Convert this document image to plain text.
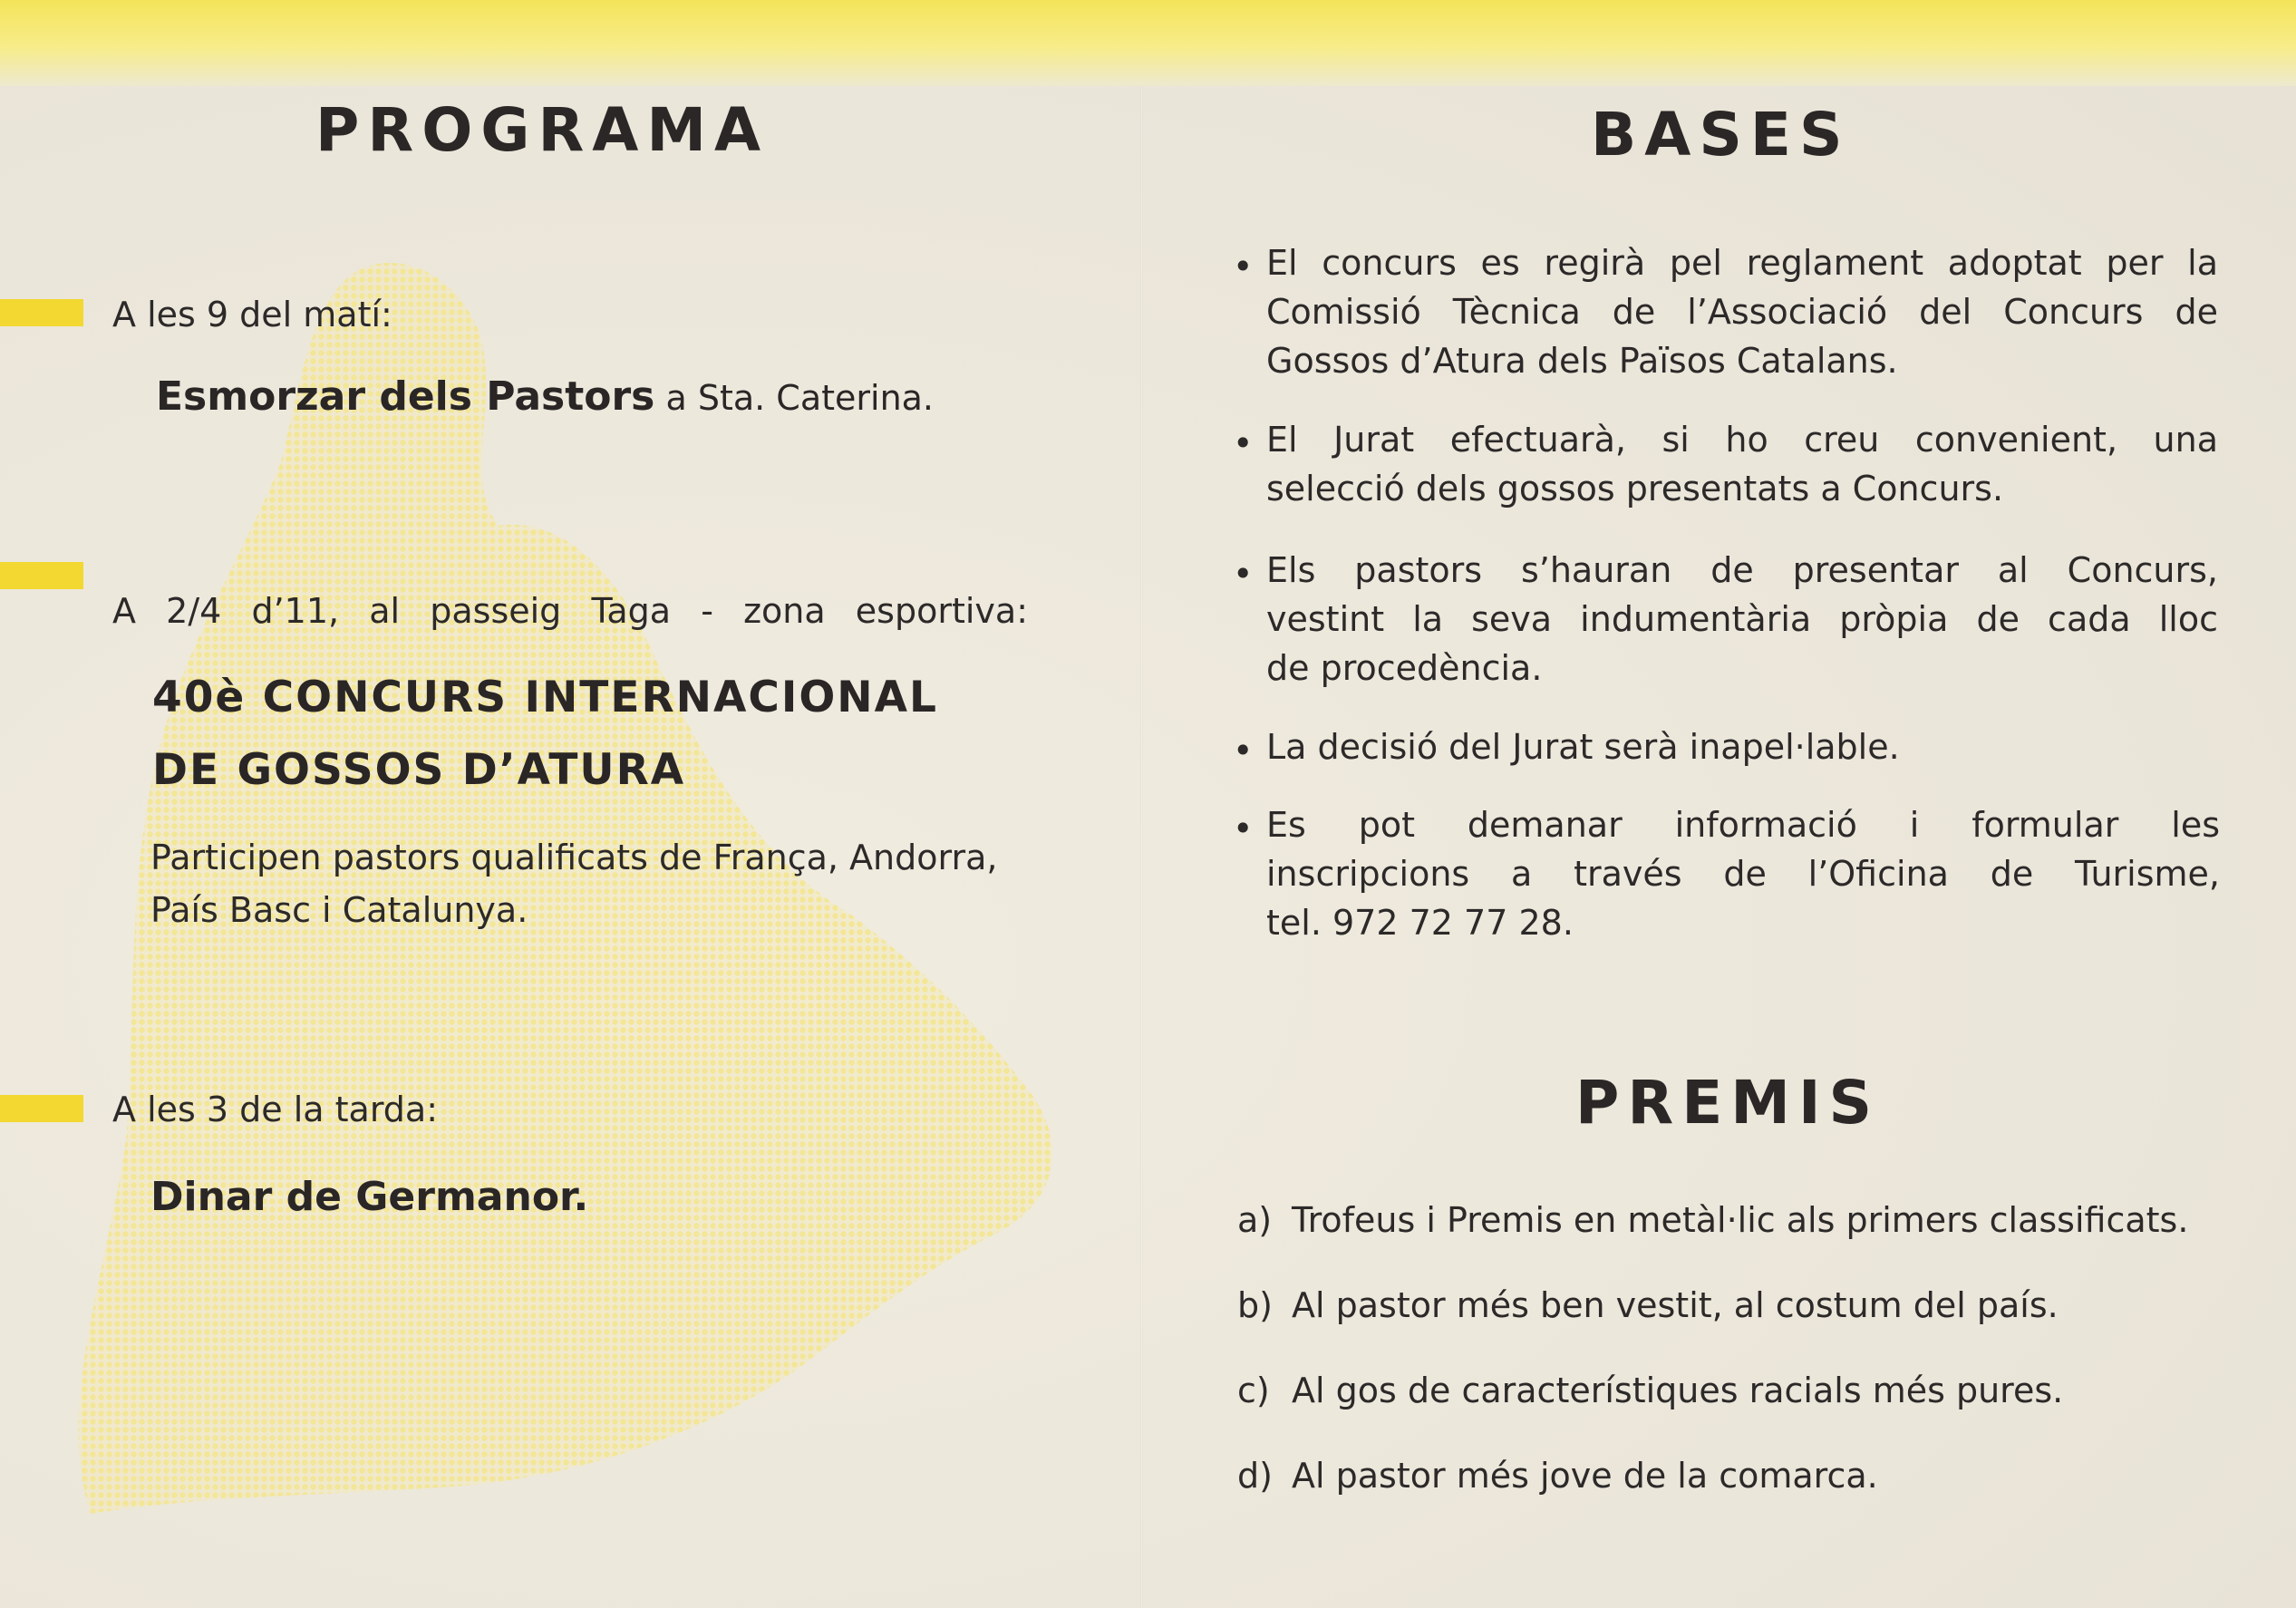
PROGRAMA

A les 9 del matí:

Esmorzar dels Pastors a Sta. Caterina.

A 2/4 d’11, al passeig Taga - zona esportiva:

40è CONCURS INTERNACIONAL

DE GOSSOS D’ATURA

Participen pastors qualificats de França, Andorra,

País Basc i Catalunya.

A les 3 de la tarda:

Dinar de Germanor.

BASES
• El concurs es regirà pel reglament adoptat per la
Comissió Tècnica de l’Associació del Concurs de
Gossos d’Atura dels Països Catalans.
• El Jurat efectuarà, si ho creu convenient, una
selecció dels gossos presentats a Concurs.
• Els pastors s’hauran de presentar al Concurs,
vestint la seva indumentària pròpia de cada lloc
de procedència.
• La decisió del Jurat serà inapel·lable.
• Es pot demanar informació i formular les
inscripcions a través de l’Oficina de Turisme,
tel. 972 72 77 28.
PREMIS
a) Trofeus i Premis en metàl·lic als primers classificats.
b) Al pastor més ben vestit, al costum del país.
c) Al gos de característiques racials més pures.
d) Al pastor més jove de la comarca.
